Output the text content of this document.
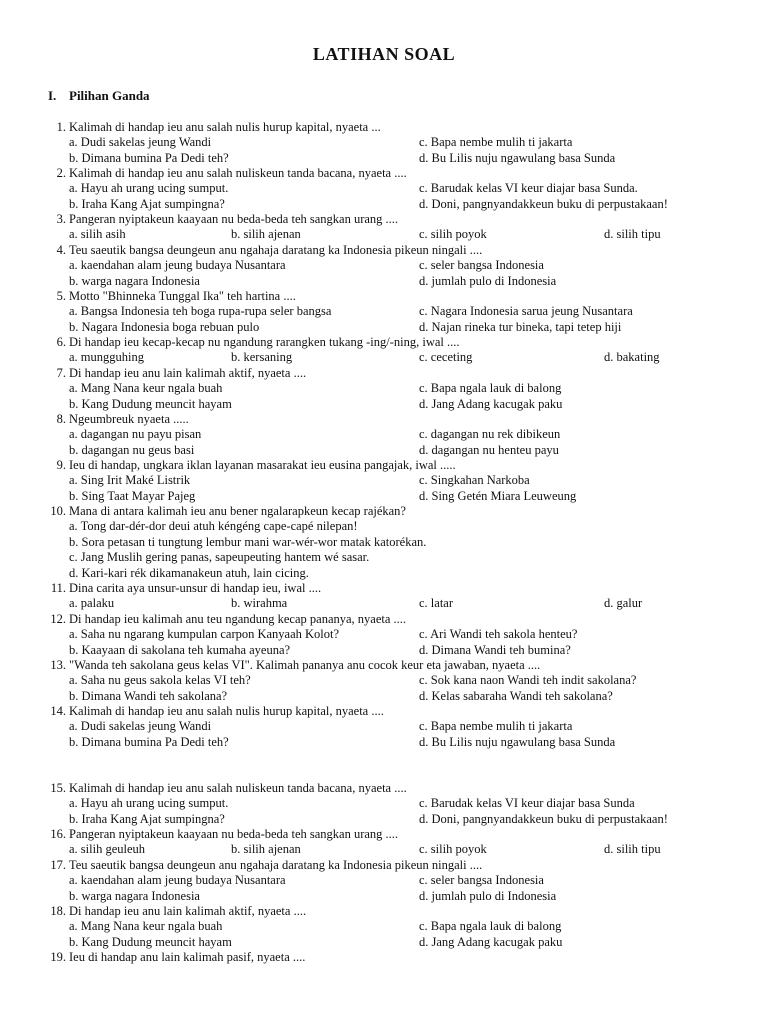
LATIHAN SOAL
I. Pilihan Ganda
1. Kalimah di handap ieu anu salah nulis hurup kapital, nyaeta ...
a. Dudi sakelas jeung Wandi	c. Bapa nembe mulih ti jakarta
b. Dimana bumina Pa Dedi teh?	d. Bu Lilis nuju ngawulang basa Sunda
2. Kalimah di handap ieu anu salah nuliskeun tanda bacana, nyaeta ....
a. Hayu ah urang ucing sumput.	c. Barudak kelas VI keur diajar basa Sunda.
b. Iraha Kang Ajat sumpingna?	d. Doni, pangnyandakkeun buku di perpustakaan!
3. Pangeran nyiptakeun kaayaan nu beda-beda teh sangkan urang ....
a. silih asih	b. silih ajenan	c. silih poyok	d. silih tipu
4. Teu saeutik bangsa deungeun anu ngahaja daratang ka Indonesia pikeun ningali ....
a. kaendahan alam jeung budaya Nusantara	c. seler bangsa Indonesia
b. warga nagara Indonesia	d. jumlah pulo di Indonesia
5. Motto "Bhinneka Tunggal Ika" teh hartina ....
a. Bangsa Indonesia teh boga rupa-rupa seler bangsa	c. Nagara Indonesia sarua jeung Nusantara
b. Nagara Indonesia boga rebuan pulo	d. Najan rineka tur bineka, tapi tetep hiji
6. Di handap ieu kecap-kecap nu ngandung rarangken tukang -ing/-ning, iwal ....
a. mungguhing	b. kersaning	c. ceceting	d. bakating
7. Di handap ieu anu lain kalimah aktif, nyaeta ....
a. Mang Nana keur ngala buah	c. Bapa ngala lauk di balong
b. Kang Dudung meuncit hayam	d. Jang Adang kacugak paku
8. Ngeumbreuk nyaeta .....
a. dagangan nu payu pisan	c. dagangan nu rek dibikeun
b. dagangan nu geus basi	d. dagangan nu henteu payu
9. Ieu di handap, ungkara iklan layanan masarakat ieu eusina pangajak, iwal .....
a. Sing Irit Maké Listrik	c. Singkahan Narkoba
b. Sing Taat Mayar Pajeg	d. Sing Getén Miara Leuweung
10. Mana di antara kalimah ieu anu bener ngalarapkeun kecap rajékan?
a. Tong dar-dér-dor deui atuh kéngéng cape-capé nilepan!
b. Sora petasan ti tungtung lembur mani war-wér-wor matak katorékan.
c. Jang Muslih gering panas, sapeupeuting hantem wé sasar.
d. Kari-kari rék dikamanakeun atuh, lain cicing.
11. Dina carita aya unsur-unsur di handap ieu, iwal ....
a. palaku	b. wirahma	c. latar	d. galur
12. Di handap ieu kalimah anu teu ngandung kecap pananya, nyaeta ....
a. Saha nu ngarang kumpulan carpon Kanyaah Kolot?	c. Ari Wandi teh sakola henteu?
b. Kaayaan di sakolana teh kumaha ayeuna?	d. Dimana Wandi teh bumina?
13. "Wanda teh sakolana geus kelas VI". Kalimah pananya anu cocok keur eta jawaban, nyaeta ....
a. Saha nu geus sakola kelas VI teh?	c. Sok kana naon Wandi teh indit sakolana?
b. Dimana Wandi teh sakolana?	d. Kelas sabaraha Wandi teh sakolana?
14. Kalimah di handap ieu anu salah nulis hurup kapital, nyaeta ....
a. Dudi sakelas jeung Wandi	c. Bapa nembe mulih ti jakarta
b. Dimana bumina Pa Dedi teh?	d. Bu Lilis nuju ngawulang basa Sunda
15. Kalimah di handap ieu anu salah nuliskeun tanda bacana, nyaeta ....
a. Hayu ah urang ucing sumput.	c. Barudak kelas VI keur diajar basa Sunda
b. Iraha Kang Ajat sumpingna?	d. Doni, pangnyandakkeun buku di perpustakaan!
16. Pangeran nyiptakeun kaayaan nu beda-beda teh sangkan urang ....
a. silih geuleuh	b. silih ajenan	c. silih poyok	d. silih tipu
17. Teu saeutik bangsa deungeun anu ngahaja daratang ka Indonesia pikeun ningali ....
a. kaendahan alam jeung budaya Nusantara	c. seler bangsa Indonesia
b. warga nagara Indonesia	d. jumlah pulo di Indonesia
18. Di handap ieu anu lain kalimah aktif, nyaeta ....
a. Mang Nana keur ngala buah	c. Bapa ngala lauk di balong
b. Kang Dudung meuncit hayam	d. Jang Adang kacugak paku
19. Ieu di handap anu lain kalimah pasif, nyaeta ....
